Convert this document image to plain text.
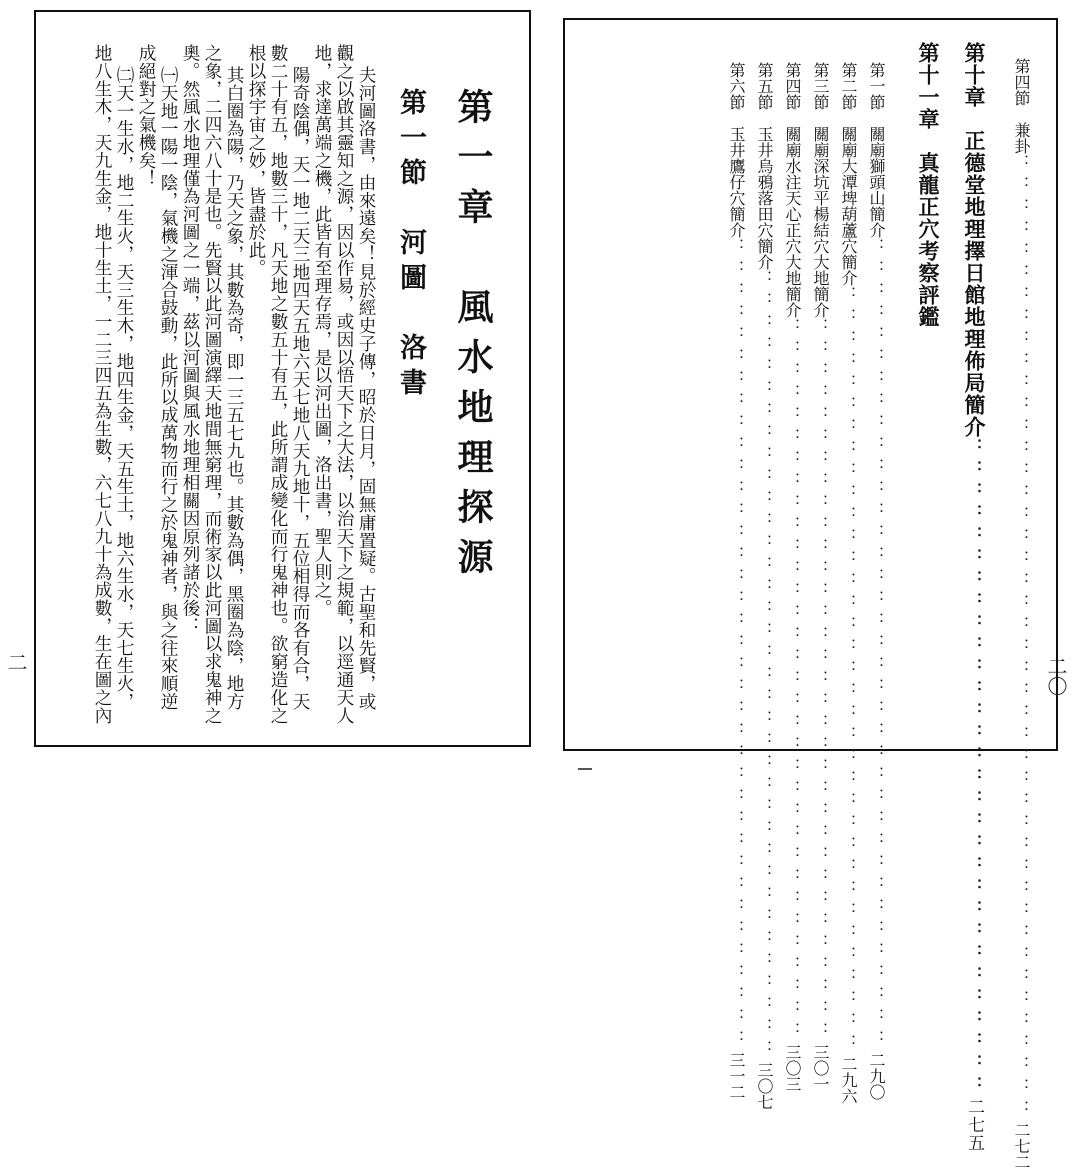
第一章　風水地理探源
第一節　河圖　洛書
夫河圖洛書，由來遠矣！見於經史子傳，昭於日月，固無庸置疑。古聖和先賢，或
觀之以啟其靈知之源，因以作易，或因以悟天下之大法，以治天下之規範，以逕通天人
地，求達萬端之機，此皆有至理存焉，是以河出圖，洛出書，聖人則之。
陽奇陰偶，天一地二天三地四天五地六天七地八天九地十，五位相得而各有合，天
數二十有五，地數三十，凡天地之數五十有五，此所謂成變化而行鬼神也。欲窮造化之
根以探宇宙之妙，皆盡於此。
其白圈為陽，乃天之象，其數為奇，即一三五七九也。其數為偶，黑圈為陰，地方
之象，二四六八十是也。先賢以此河圖演繹天地間無窮理，而術家以此河圖以求鬼神之
奧。然風水地理僅為河圖之一端，茲以河圖與風水地理相關因原列諸於後：
㈠天地一陽一陰，氣機之渾合鼓動，此所以成萬物而行之於鬼神者，與之往來順逆
成絕對之氣機矣！
㈡天一生水，地二生火，天三生木，地四生金，天五生土，地六生水，天七生火，
地八生木，天九生金，地十生土，一二三四五為生數，六七八九十為成數，生在圖之內
二
第四節　兼卦
：：：：：：：：：：：：：：：：：：：：：：：：：：：：：：：：：：：：：：：：：：：：
二七二
第十章　正德堂地理擇日館地理佈局簡介
：：：：：：：：：：：：：：：：：：：：：：：：：：：：：：
二七五
第十一章　真龍正穴考察評鑑
第一節　關廟獅頭山簡介
：：：：：：：：：：：：：：：：：：：：：：：：：：：：：：：：：：：：：
二九〇
第二節　關廟大潭埤葫蘆穴簡介
：：：：：：：：：：：：：：：：：：：：：：：：：：：：：：：：：：：
二九六
第三節　關廟深坑平楊結穴大地簡介
：：：：：：：：：：：：：：：：：：：：：：：：：：：：：：：：：
三〇一
第四節　關廟水注天心正穴大地簡介
：：：：：：：：：：：：：：：：：：：：：：：：：：：：：：：：：
三〇三
第五節　玉井烏鴉落田穴簡介
：：：：：：：：：：：：：：：：：：：：：：：：：：：：：：：：：：：：
三〇七
第六節　玉井鷹仔穴簡介
：：：：：：：：：：：：：：：：：：：：：：：：：：：：：：：：：：：：：
三一二
二〇
